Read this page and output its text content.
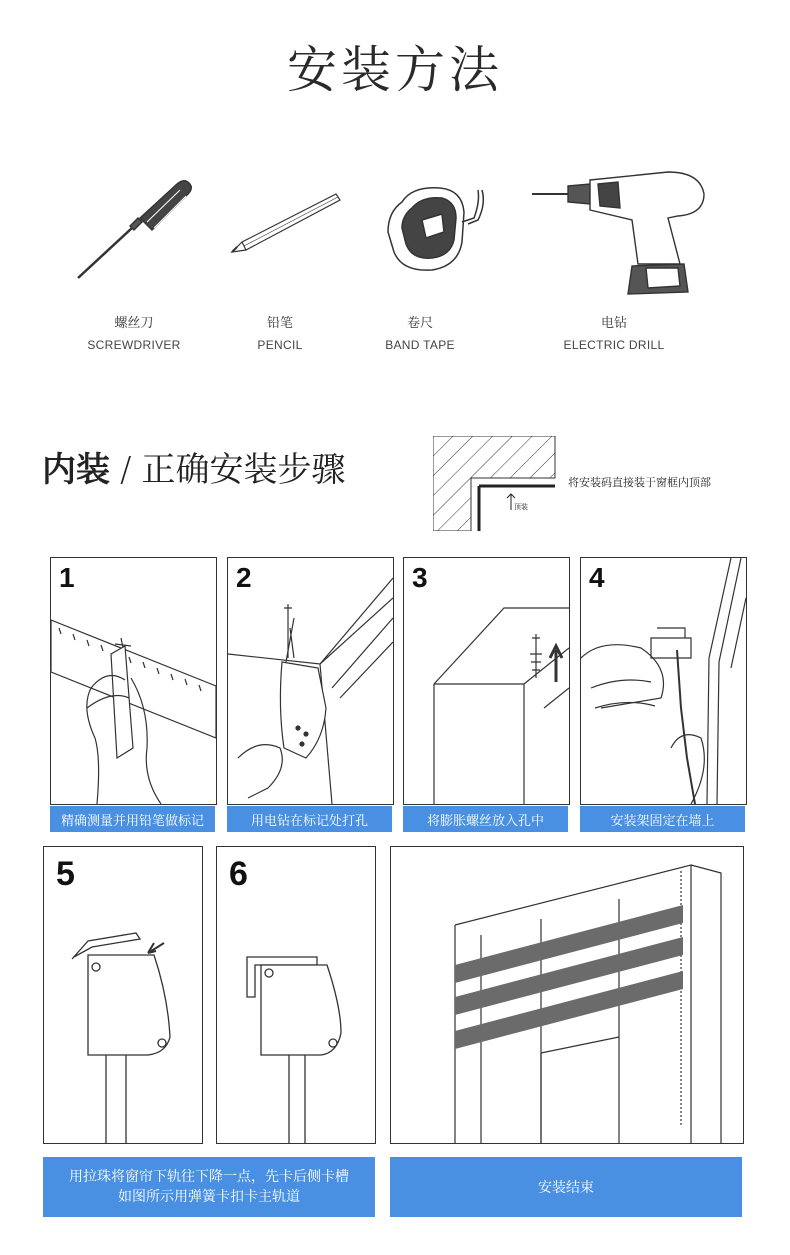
安装方法
螺丝刀
SCREWDRIVER
铅笔
PENCIL
卷尺
BAND TAPE
电钻
ELECTRIC DRILL
内装 / 正确安装步骤
顶装
将安装码直接装于窗框内顶部
1
精确测量并用铅笔做标记
2
用电钻在标记处打孔
3
将膨胀螺丝放入孔中
4
安装架固定在墙上
5	6
用拉珠将窗帘下轨往下降一点，先卡后侧卡槽
如图所示用弹簧卡扣卡主轨道
安装结束
